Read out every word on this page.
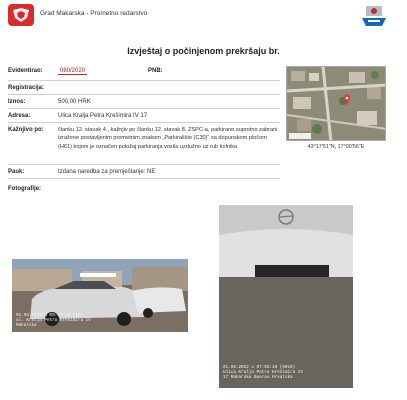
Grad Makarska - Prometno redarstvo
Izvještaj o počinjenom prekršaju br.
Evidentirao:	080/2020	PNB:
Registracija:
Iznos:	500,00 HRK
Adresa:	Ulica Kralja Petra Krešimira IV 17
Kažnjivo po:	članku 12. stavak 4., kažnjiv po članku 12. stavak 8. ZSPC-a, parkirano suprotno zabrani izražene postavljenim prometnim znakom „Parkiralište (C30)“ sa dopunskom pločom (H61) kojom je označen položaj parkiranja vozila uzdužno uz rub kolnika
Pauk:	Izdana naredba za premještanje: NE
Fotografije:
43°17'51"N, 17°00'56"E
01.08.2022 u 09:53:03 (ID)
ul. Kralja Petra Krešimira IV
Makarska
01.08.2022 u 07:55:10 (0010)
Ulica Kralja Petra Krešimira IV
17 Makarska Buerau Hrvatska
